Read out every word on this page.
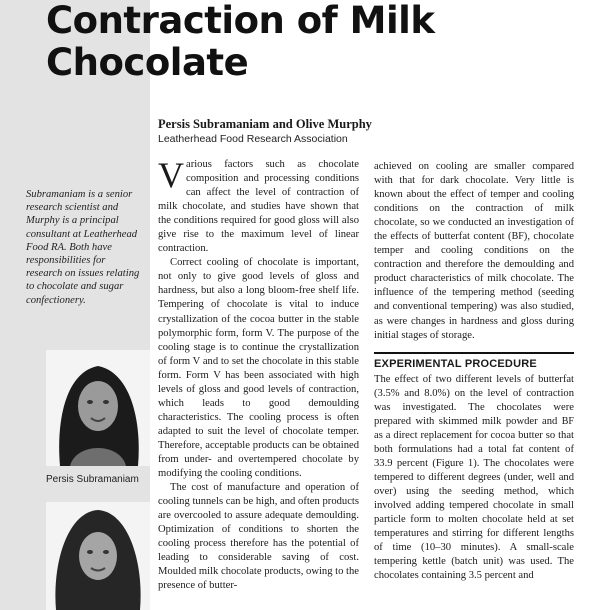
Contraction of Milk
Chocolate
Persis Subramaniam and Olive Murphy
Leatherhead Food Research Association
Subramaniam is a senior research scientist and Murphy is a principal consultant at Leatherhead Food RA. Both have responsibilities for research on issues relating to chocolate and sugar confectionery.
Persis Subramaniam

Various factors such as chocolate composition and processing conditions can affect the level of contraction of milk chocolate, and studies have shown that the conditions required for good gloss will also give rise to the maximum level of linear contraction.

Correct cooling of chocolate is important, not only to give good levels of gloss and hardness, but also a long bloom-free shelf life. Tempering of chocolate is vital to induce crystallization of the cocoa butter in the stable polymorphic form, form V. The purpose of the cooling stage is to continue the crystallization of form V and to set the chocolate in this stable form. Form V has been associated with high levels of gloss and good levels of contraction, which leads to good demoulding characteristics. The cooling process is often adapted to suit the level of chocolate temper. Therefore, acceptable products can be obtained from under- and overtempered chocolate by modifying the cooling conditions.

The cost of manufacture and operation of cooling tunnels can be high, and often products are overcooled to assure adequate demoulding. Optimization of conditions to shorten the cooling process therefore has the potential of leading to considerable saving of cost. Moulded milk chocolate products, owing to the presence of butter-

achieved on cooling are smaller compared with that for dark chocolate. Very little is known about the effect of temper and cooling conditions on the contraction of milk chocolate, so we conducted an investigation of the effects of butterfat content (BF), chocolate temper and cooling conditions on the contraction and therefore the demoulding and product characteristics of milk chocolate. The influence of the tempering method (seeding and conventional tempering) was also studied, as were changes in hardness and gloss during initial stages of storage.

EXPERIMENTAL PROCEDURE

The effect of two different levels of butterfat (3.5% and 8.0%) on the level of contraction was investigated. The chocolates were prepared with skimmed milk powder and BF as a direct replacement for cocoa butter so that both formulations had a total fat content of 33.9 percent (Figure 1). The chocolates were tempered to different degrees (under, well and over) using the seeding method, which involved adding tempered chocolate in small particle form to molten chocolate held at set temperatures and stirring for different lengths of time (10–30 minutes). A small-scale tempering kettle (batch unit) was used. The chocolates containing 3.5 percent and
